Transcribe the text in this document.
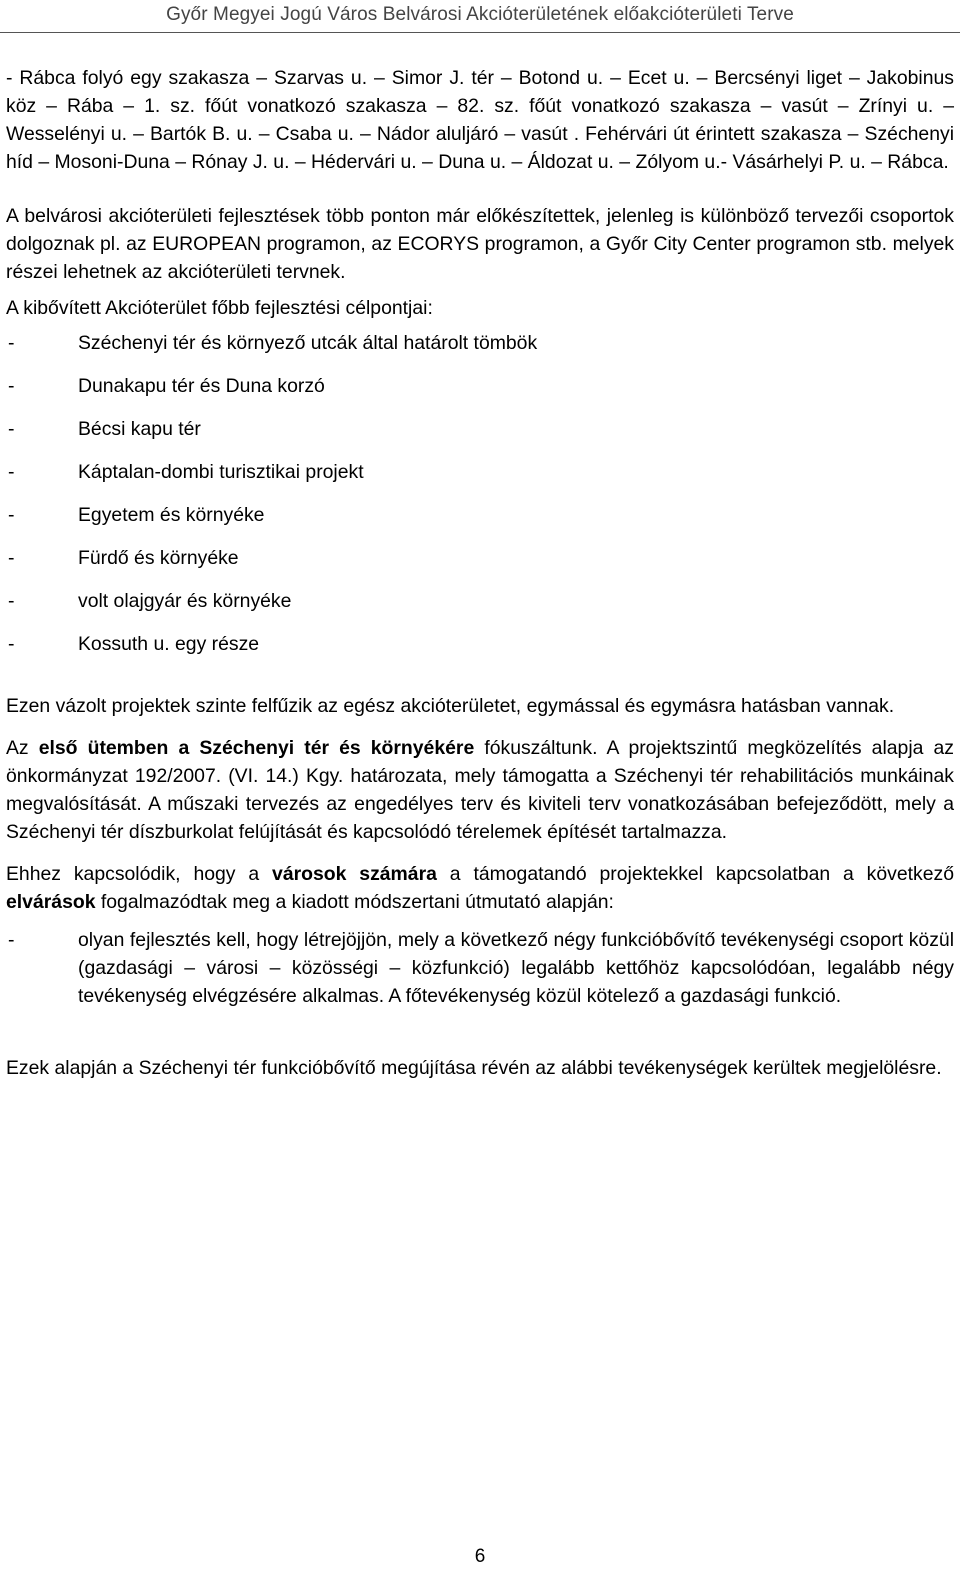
Győr Megyei Jogú Város Belvárosi Akcióterületének előakcióterületi Terve

- Rábca folyó egy szakasza – Szarvas u. – Simor J. tér – Botond u. – Ecet u. – Bercsényi liget – Jakobinus köz – Rába – 1. sz. főút vonatkozó szakasza – 82. sz. főút vonatkozó szakasza – vasút – Zrínyi u. – Wesselényi u. – Bartók B. u. – Csaba u. – Nádor aluljáró – vasút . Fehérvári út érintett szakasza – Széchenyi híd – Mosoni-Duna – Rónay J. u. – Hédervári u. – Duna u. – Áldozat u. – Zólyom u.- Vásárhelyi P. u. – Rábca.

A belvárosi akcióterületi fejlesztések több ponton már előkészítettek, jelenleg is különböző tervezői csoportok dolgoznak pl. az EUROPEAN programon, az ECORYS programon, a Győr City Center programon stb. melyek részei lehetnek az akcióterületi tervnek.

A kibővített Akcióterület főbb fejlesztési célpontjai:

- Széchenyi tér és környező utcák által határolt tömbök
- Dunakapu tér és Duna korzó
- Bécsi kapu tér
- Káptalan-dombi turisztikai projekt
- Egyetem és környéke
- Fürdő és környéke
- volt olajgyár és környéke
- Kossuth u. egy része

Ezen vázolt projektek szinte felfűzik az egész akcióterületet, egymással és egymásra hatásban vannak.

Az első ütemben a Széchenyi tér és környékére fókuszáltunk. A projektszintű megközelítés alapja az önkormányzat 192/2007. (VI. 14.) Kgy. határozata, mely támogatta a Széchenyi tér rehabilitációs munkáinak megvalósítását. A műszaki tervezés az engedélyes terv és kiviteli terv vonatkozásában befejeződött, mely a Széchenyi tér díszburkolat felújítását és kapcsolódó térelemek építését tartalmazza.

Ehhez kapcsolódik, hogy a városok számára a támogatandó projektekkel kapcsolatban a következő elvárások fogalmazódtak meg a kiadott módszertani útmutató alapján:

- olyan fejlesztés kell, hogy létrejöjjön, mely a következő négy funkcióbővítő tevékenységi csoport közül (gazdasági – városi – közösségi – közfunkció) legalább kettőhöz kapcsolódóan, legalább négy tevékenység elvégzésére alkalmas. A főtevékenység közül kötelező a gazdasági funkció.

Ezek alapján a Széchenyi tér funkcióbővítő megújítása révén az alábbi tevékenységek kerültek megjelölésre.

6
